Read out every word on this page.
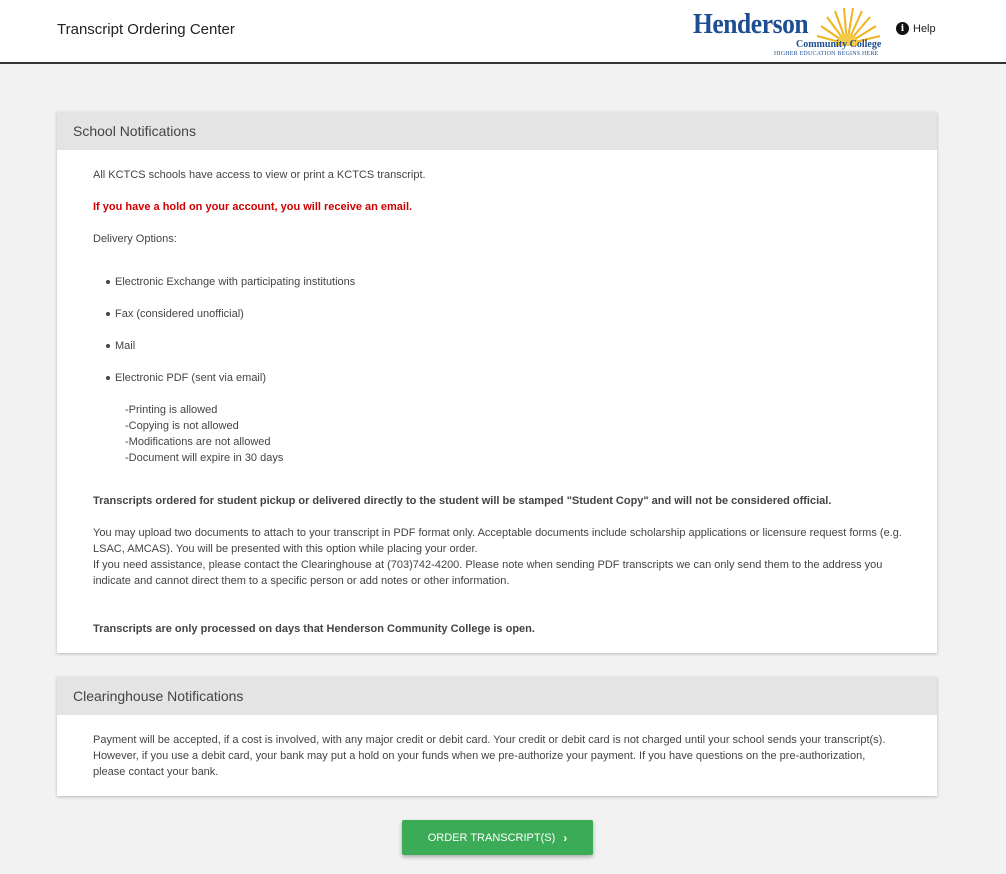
Transcript Ordering Center	Henderson
Community College
HIGHER EDUCATION BEGINS HERE
i Help
School Notifications

All KCTCS schools have access to view or print a KCTCS transcript.

If you have a hold on your account, you will receive an email.

Delivery Options:

Electronic Exchange with participating institutions
Fax (considered unofficial)
Mail
Electronic PDF (sent via email)
-Printing is allowed
-Copying is not allowed
-Modifications are not allowed
-Document will expire in 30 days

Transcripts ordered for student pickup or delivered directly to the student will be stamped "Student Copy" and will not be considered official.

You may upload two documents to attach to your transcript in PDF format only. Acceptable documents include scholarship applications or licensure request forms (e.g.

LSAC, AMCAS). You will be presented with this option while placing your order.

If you need assistance, please contact the Clearinghouse at (703)742-4200. Please note when sending PDF transcripts we can only send them to the address you

indicate and cannot direct them to a specific person or add notes or other information.

Transcripts are only processed on days that Henderson Community College is open.

Clearinghouse Notifications

Payment will be accepted, if a cost is involved, with any major credit or debit card. Your credit or debit card is not charged until your school sends your transcript(s).

However, if you use a debit card, your bank may put a hold on your funds when we pre-authorize your payment. If you have questions on the pre-authorization,

please contact your bank.

ORDER TRANSCRIPT(S) ›
